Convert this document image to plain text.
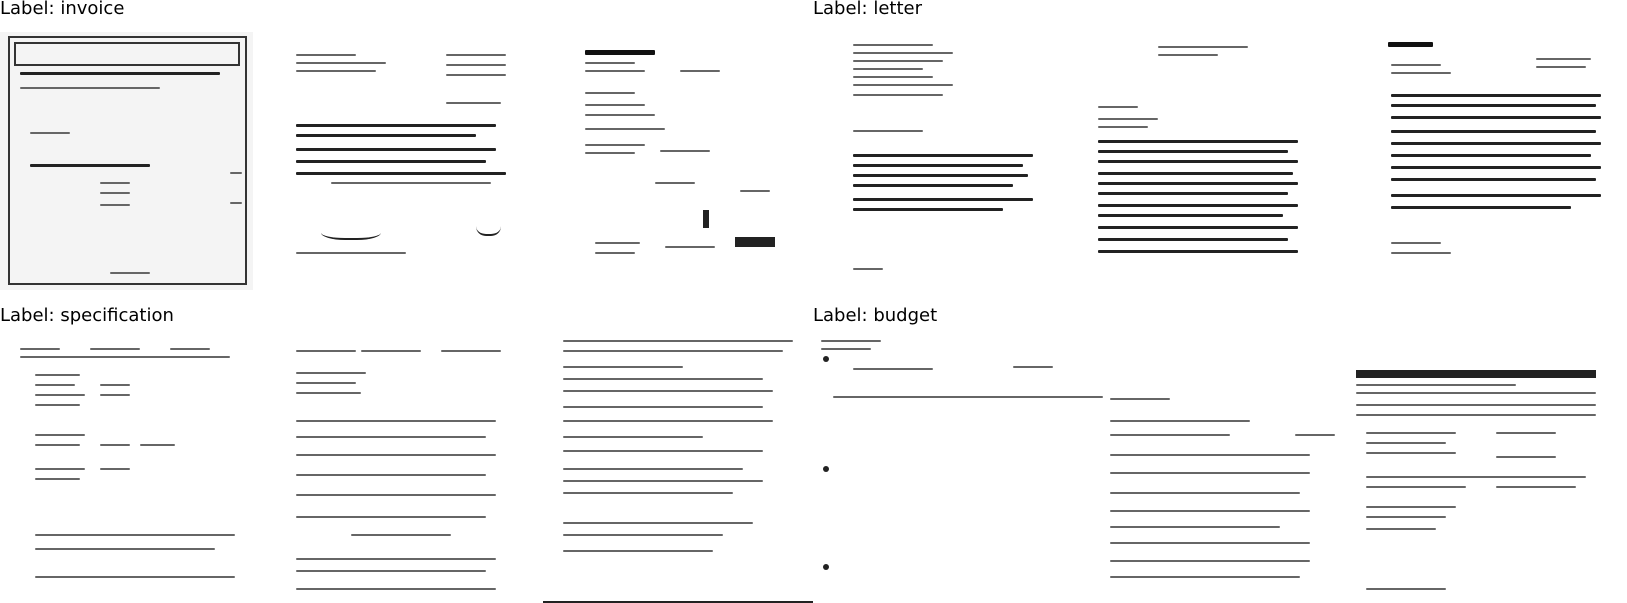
Label: invoice	Label: letter
Label: specification	Label: budget
